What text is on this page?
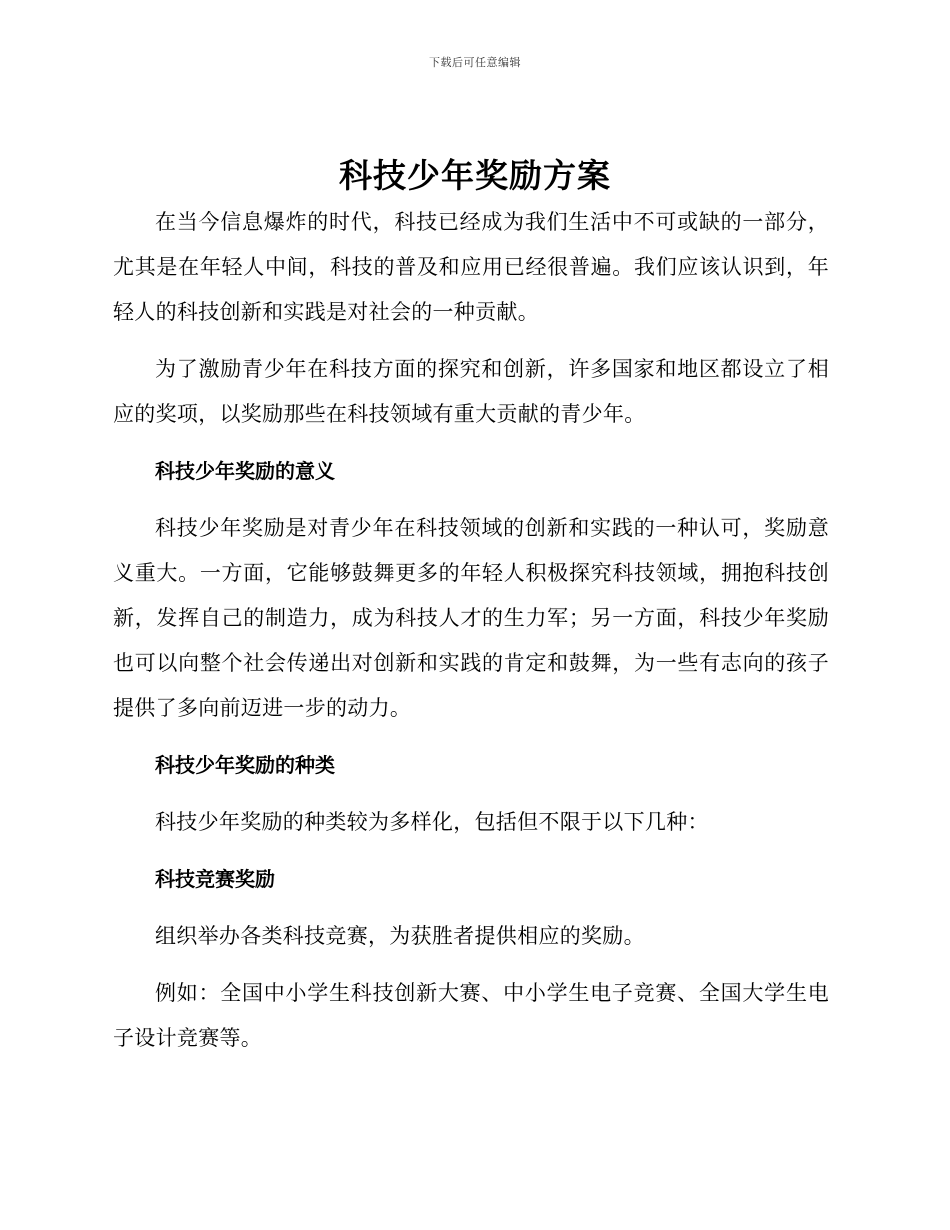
下载后可任意编辑
科技少年奖励方案

在当今信息爆炸的时代，科技已经成为我们生活中不可或缺的一部分，尤其是在年轻人中间，科技的普及和应用已经很普遍。我们应该认识到，年轻人的科技创新和实践是对社会的一种贡献。

为了激励青少年在科技方面的探究和创新，许多国家和地区都设立了相应的奖项，以奖励那些在科技领域有重大贡献的青少年。

科技少年奖励的意义

科技少年奖励是对青少年在科技领域的创新和实践的一种认可，奖励意义重大。一方面，它能够鼓舞更多的年轻人积极探究科技领域，拥抱科技创新，发挥自己的制造力，成为科技人才的生力军；另一方面，科技少年奖励也可以向整个社会传递出对创新和实践的肯定和鼓舞，为一些有志向的孩子提供了多向前迈进一步的动力。

科技少年奖励的种类

科技少年奖励的种类较为多样化，包括但不限于以下几种：

科技竞赛奖励

组织举办各类科技竞赛，为获胜者提供相应的奖励。

例如：全国中小学生科技创新大赛、中小学生电子竞赛、全国大学生电子设计竞赛等。
